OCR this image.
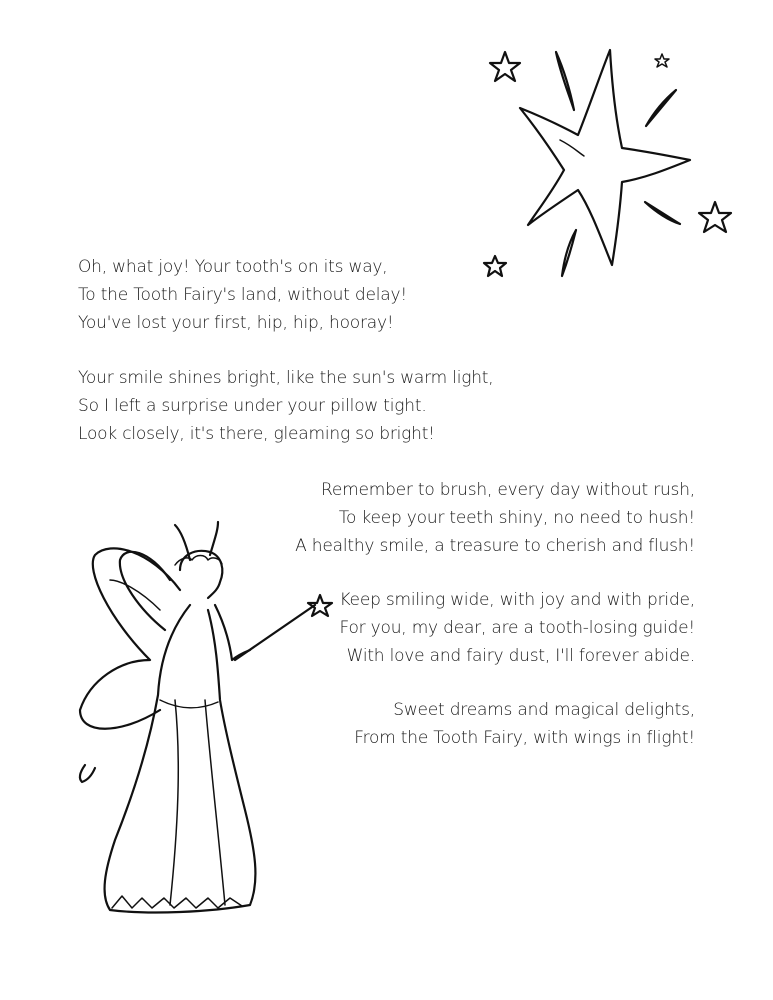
Oh, what joy! Your tooth's on its way,
To the Tooth Fairy's land, without delay!
You've lost your first, hip, hip, hooray!
Your smile shines bright, like the sun's warm light,
So I left a surprise under your pillow tight.
Look closely, it's there, gleaming so bright!
Remember to brush, every day without rush,
To keep your teeth shiny, no need to hush!
A healthy smile, a treasure to cherish and flush!
Keep smiling wide, with joy and with pride,
For you, my dear, are a tooth-losing guide!
With love and fairy dust, I'll forever abide.
Sweet dreams and magical delights,
From the Tooth Fairy, with wings in flight!
